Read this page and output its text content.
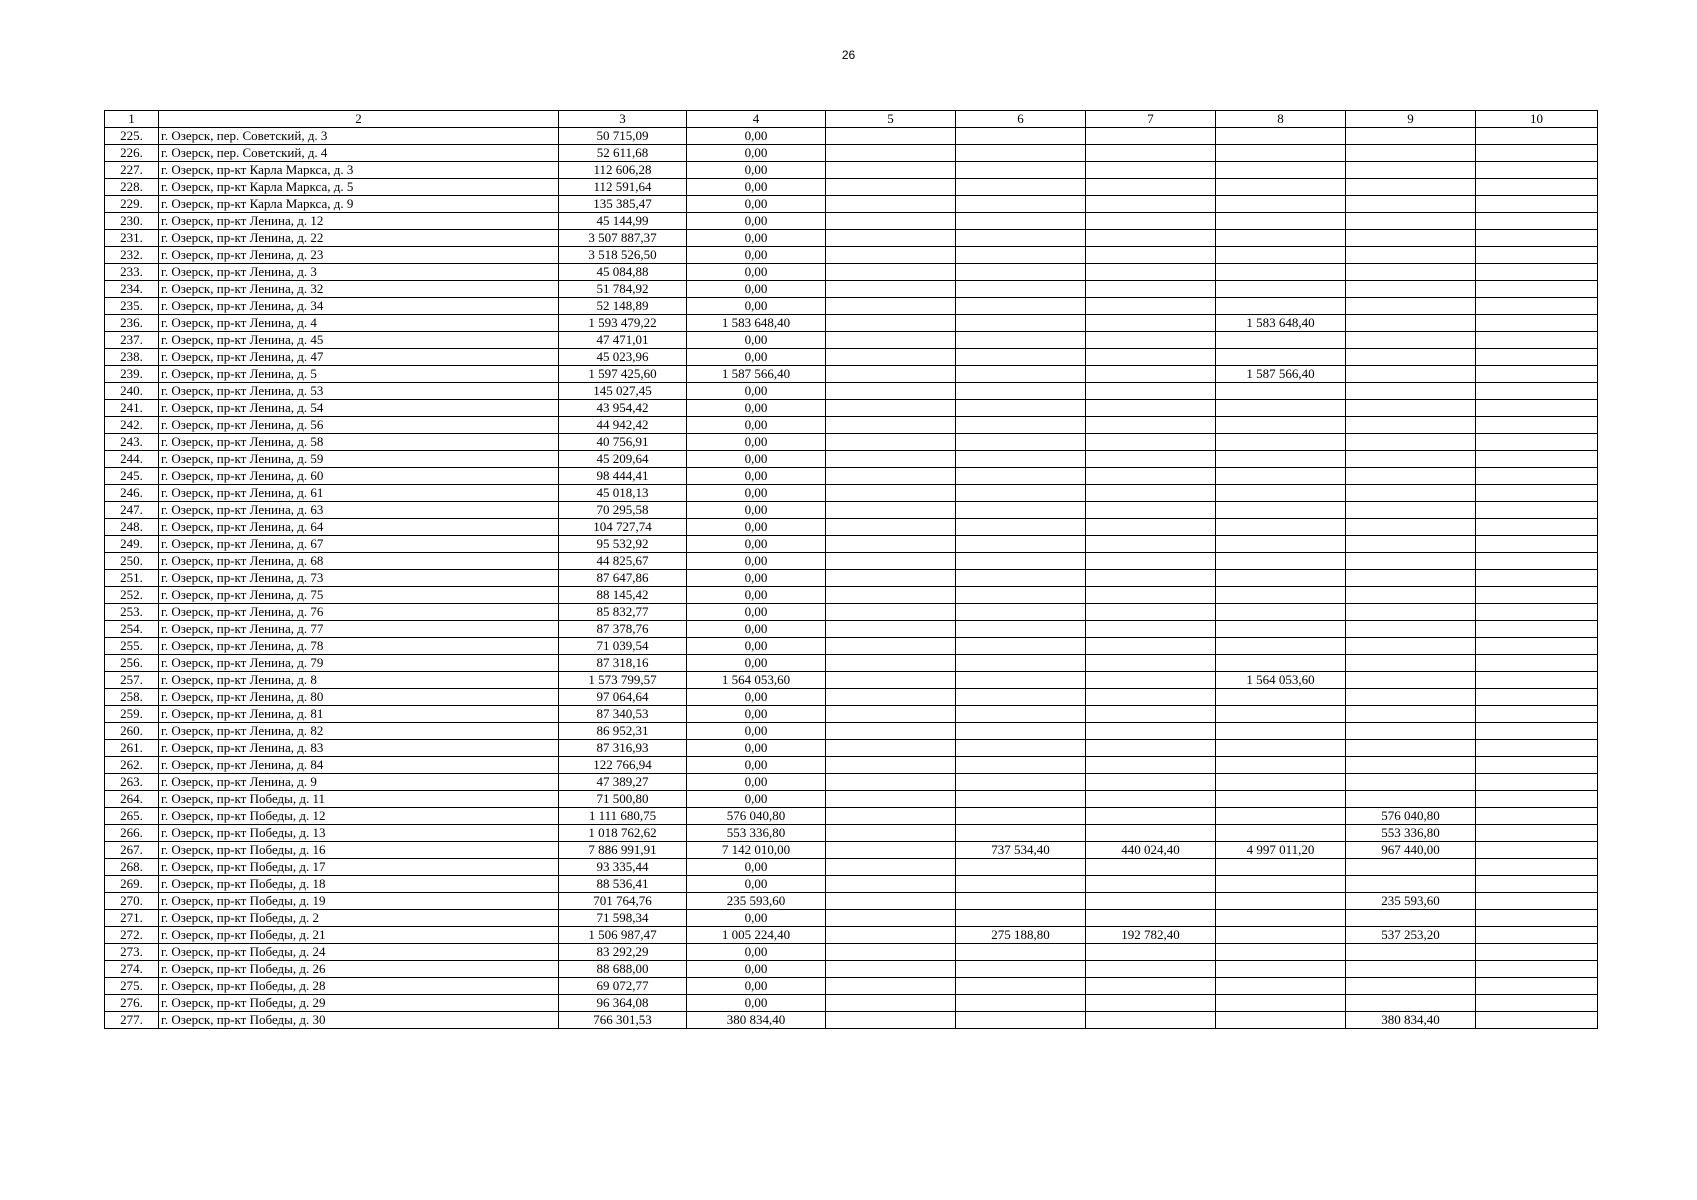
26
1	2	3	4	5	6	7	8	9	10
225.	г. Озерск, пер. Советский, д. 3	50 715,09	0,00						
226.	г. Озерск, пер. Советский, д. 4	52 611,68	0,00						
227.	г. Озерск, пр-кт Карла Маркса, д. 3	112 606,28	0,00						
228.	г. Озерск, пр-кт Карла Маркса, д. 5	112 591,64	0,00						
229.	г. Озерск, пр-кт Карла Маркса, д. 9	135 385,47	0,00						
230.	г. Озерск, пр-кт Ленина, д. 12	45 144,99	0,00						
231.	г. Озерск, пр-кт Ленина, д. 22	3 507 887,37	0,00						
232.	г. Озерск, пр-кт Ленина, д. 23	3 518 526,50	0,00						
233.	г. Озерск, пр-кт Ленина, д. 3	45 084,88	0,00						
234.	г. Озерск, пр-кт Ленина, д. 32	51 784,92	0,00						
235.	г. Озерск, пр-кт Ленина, д. 34	52 148,89	0,00						
236.	г. Озерск, пр-кт Ленина, д. 4	1 593 479,22	1 583 648,40				1 583 648,40		
237.	г. Озерск, пр-кт Ленина, д. 45	47 471,01	0,00						
238.	г. Озерск, пр-кт Ленина, д. 47	45 023,96	0,00						
239.	г. Озерск, пр-кт Ленина, д. 5	1 597 425,60	1 587 566,40				1 587 566,40		
240.	г. Озерск, пр-кт Ленина, д. 53	145 027,45	0,00						
241.	г. Озерск, пр-кт Ленина, д. 54	43 954,42	0,00						
242.	г. Озерск, пр-кт Ленина, д. 56	44 942,42	0,00						
243.	г. Озерск, пр-кт Ленина, д. 58	40 756,91	0,00						
244.	г. Озерск, пр-кт Ленина, д. 59	45 209,64	0,00						
245.	г. Озерск, пр-кт Ленина, д. 60	98 444,41	0,00						
246.	г. Озерск, пр-кт Ленина, д. 61	45 018,13	0,00						
247.	г. Озерск, пр-кт Ленина, д. 63	70 295,58	0,00						
248.	г. Озерск, пр-кт Ленина, д. 64	104 727,74	0,00						
249.	г. Озерск, пр-кт Ленина, д. 67	95 532,92	0,00						
250.	г. Озерск, пр-кт Ленина, д. 68	44 825,67	0,00						
251.	г. Озерск, пр-кт Ленина, д. 73	87 647,86	0,00						
252.	г. Озерск, пр-кт Ленина, д. 75	88 145,42	0,00						
253.	г. Озерск, пр-кт Ленина, д. 76	85 832,77	0,00						
254.	г. Озерск, пр-кт Ленина, д. 77	87 378,76	0,00						
255.	г. Озерск, пр-кт Ленина, д. 78	71 039,54	0,00						
256.	г. Озерск, пр-кт Ленина, д. 79	87 318,16	0,00						
257.	г. Озерск, пр-кт Ленина, д. 8	1 573 799,57	1 564 053,60				1 564 053,60		
258.	г. Озерск, пр-кт Ленина, д. 80	97 064,64	0,00						
259.	г. Озерск, пр-кт Ленина, д. 81	87 340,53	0,00						
260.	г. Озерск, пр-кт Ленина, д. 82	86 952,31	0,00						
261.	г. Озерск, пр-кт Ленина, д. 83	87 316,93	0,00						
262.	г. Озерск, пр-кт Ленина, д. 84	122 766,94	0,00						
263.	г. Озерск, пр-кт Ленина, д. 9	47 389,27	0,00						
264.	г. Озерск, пр-кт Победы, д. 11	71 500,80	0,00						
265.	г. Озерск, пр-кт Победы, д. 12	1 111 680,75	576 040,80					576 040,80	
266.	г. Озерск, пр-кт Победы, д. 13	1 018 762,62	553 336,80					553 336,80	
267.	г. Озерск, пр-кт Победы, д. 16	7 886 991,91	7 142 010,00		737 534,40	440 024,40	4 997 011,20	967 440,00	
268.	г. Озерск, пр-кт Победы, д. 17	93 335,44	0,00						
269.	г. Озерск, пр-кт Победы, д. 18	88 536,41	0,00						
270.	г. Озерск, пр-кт Победы, д. 19	701 764,76	235 593,60					235 593,60	
271.	г. Озерск, пр-кт Победы, д. 2	71 598,34	0,00						
272.	г. Озерск, пр-кт Победы, д. 21	1 506 987,47	1 005 224,40		275 188,80	192 782,40		537 253,20	
273.	г. Озерск, пр-кт Победы, д. 24	83 292,29	0,00						
274.	г. Озерск, пр-кт Победы, д. 26	88 688,00	0,00						
275.	г. Озерск, пр-кт Победы, д. 28	69 072,77	0,00						
276.	г. Озерск, пр-кт Победы, д. 29	96 364,08	0,00						
277.	г. Озерск, пр-кт Победы, д. 30	766 301,53	380 834,40					380 834,40	
